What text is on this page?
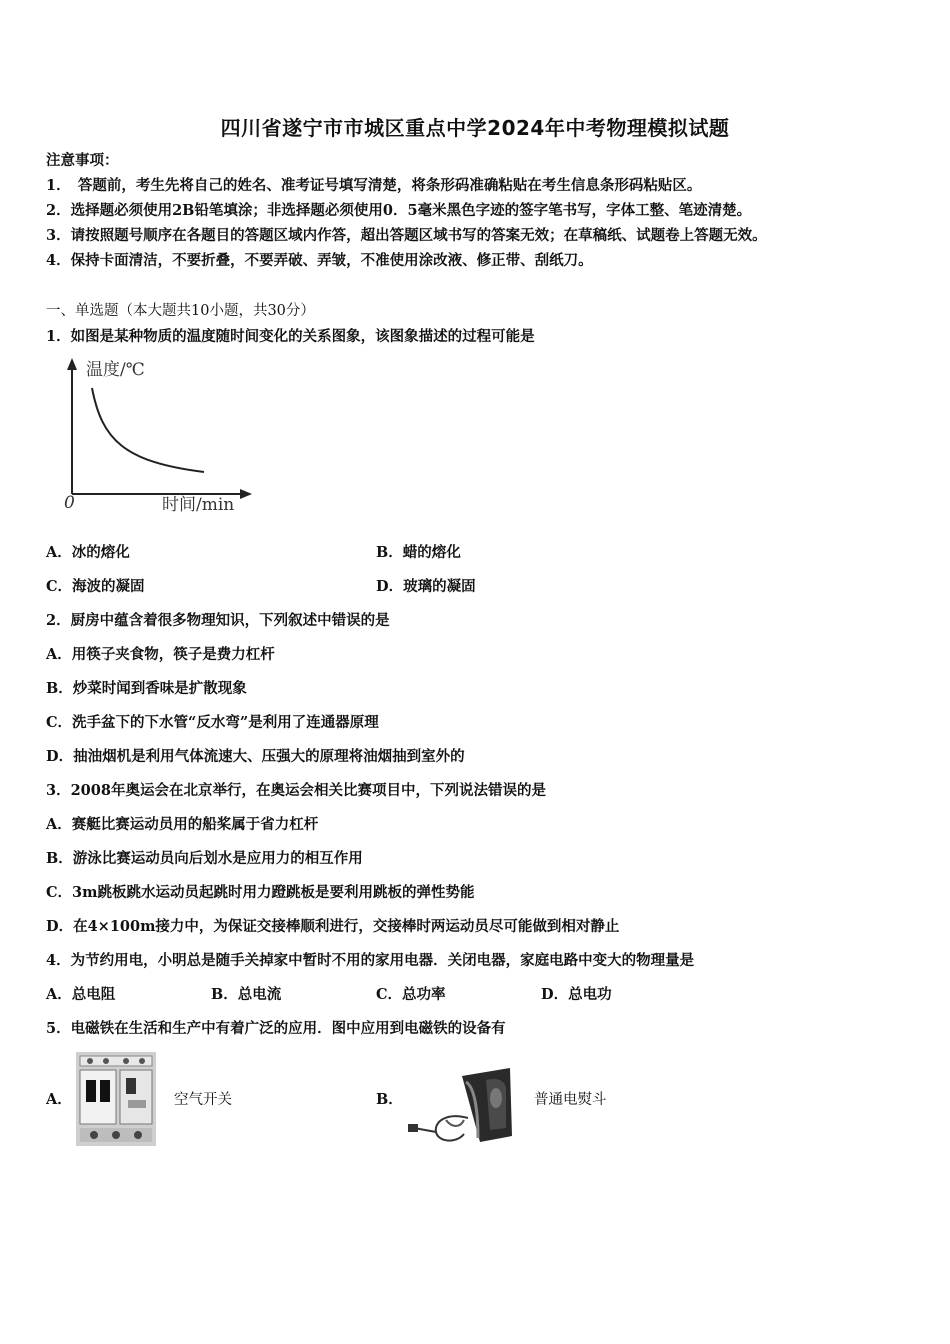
四川省遂宁市市城区重点中学2024年中考物理模拟试题
注意事项：
1．　答题前，考生先将自己的姓名、准考证号填写清楚，将条形码准确粘贴在考生信息条形码粘贴区。
2．选择题必须使用2B铅笔填涂；非选择题必须使用0．5毫米黑色字迹的签字笔书写，字体工整、笔迹清楚。
3．请按照题号顺序在各题目的答题区域内作答，超出答题区域书写的答案无效；在草稿纸、试题卷上答题无效。
4．保持卡面清洁，不要折叠，不要弄破、弄皱，不准使用涂改液、修正带、刮纸刀。
一、单选题（本大题共10小题，共30分）
1．如图是某种物质的温度随时间变化的关系图象，该图象描述的过程可能是
温度/℃
时间/min
0
A．冰的熔化	B．蜡的熔化
C．海波的凝固	D．玻璃的凝固
2．厨房中蕴含着很多物理知识，下列叙述中错误的是
A．用筷子夹食物，筷子是费力杠杆
B．炒菜时闻到香味是扩散现象
C．洗手盆下的下水管“反水弯”是利用了连通器原理
D．抽油烟机是利用气体流速大、压强大的原理将油烟抽到室外的
3．2008年奥运会在北京举行，在奥运会相关比赛项目中，下列说法错误的是
A．赛艇比赛运动员用的船桨属于省力杠杆
B．游泳比赛运动员向后划水是应用力的相互作用
C．3m跳板跳水运动员起跳时用力蹬跳板是要利用跳板的弹性势能
D．在4×100m接力中，为保证交接棒顺利进行，交接棒时两运动员尽可能做到相对静止
4．为节约用电，小明总是随手关掉家中暂时不用的家用电器．关闭电器，家庭电路中变大的物理量是
A．总电阻	B．总电流	C．总功率	D．总电功
5．电磁铁在生活和生产中有着广泛的应用．图中应用到电磁铁的设备有
A．	空气开关	B．	普通电熨斗
